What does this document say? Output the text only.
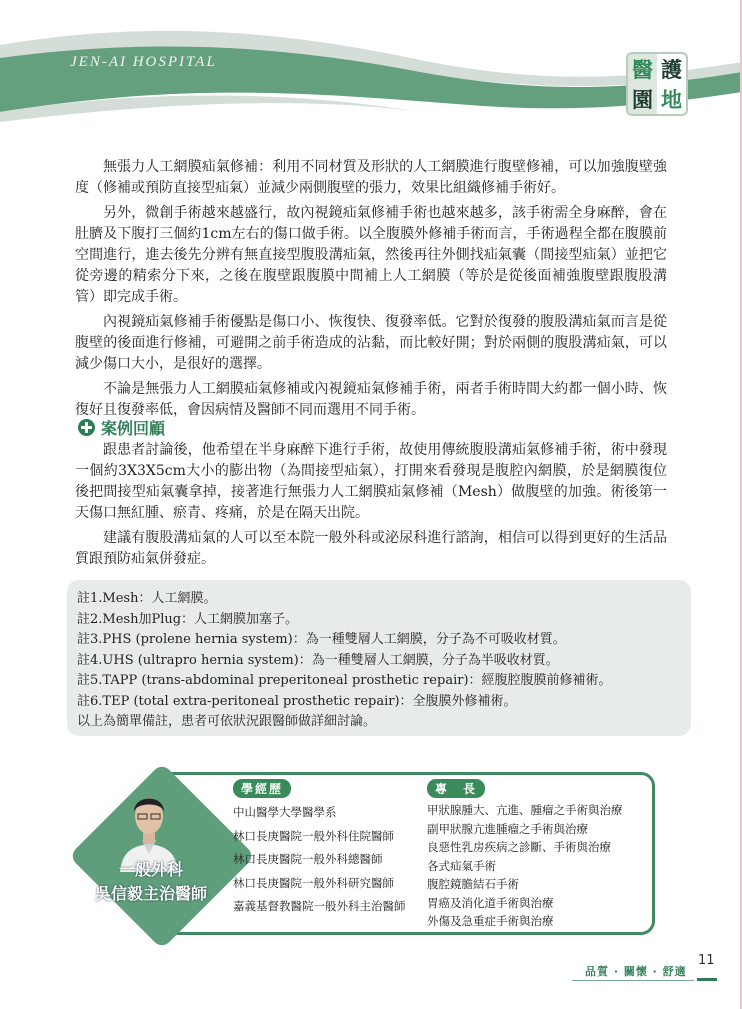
JEN-AI HOSPITAL	醫 護
園 地

無張力人工網膜疝氣修補：利用不同材質及形狀的人工網膜進行腹壁修補，可以加強腹壁強度（修補或預防直接型疝氣）並減少兩側腹壁的張力，效果比組織修補手術好。

另外，微創手術越來越盛行，故內視鏡疝氣修補手術也越來越多，該手術需全身麻醉，會在肚臍及下腹打三個約1cm左右的傷口做手術。以全腹膜外修補手術而言，手術過程全都在腹膜前空間進行，進去後先分辨有無直接型腹股溝疝氣，然後再往外側找疝氣囊（間接型疝氣）並把它從旁邊的精索分下來，之後在腹壁跟腹膜中間補上人工網膜（等於是從後面補強腹壁跟腹股溝管）即完成手術。

內視鏡疝氣修補手術優點是傷口小、恢復快、復發率低。它對於復發的腹股溝疝氣而言是從腹壁的後面進行修補，可避開之前手術造成的沾黏，而比較好開；對於兩側的腹股溝疝氣，可以減少傷口大小，是很好的選擇。

不論是無張力人工網膜疝氣修補或內視鏡疝氣修補手術，兩者手術時間大約都一個小時、恢復好且復發率低，會因病情及醫師不同而選用不同手術。

案例回顧

跟患者討論後，他希望在半身麻醉下進行手術，故使用傳統腹股溝疝氣修補手術，術中發現一個約3X3X5cm大小的膨出物（為間接型疝氣），打開來看發現是腹腔內網膜，於是網膜復位後把間接型疝氣囊拿掉，接著進行無張力人工網膜疝氣修補（Mesh）做腹壁的加強。術後第一天傷口無紅腫、瘀青、疼痛，於是在隔天出院。

建議有腹股溝疝氣的人可以至本院一般外科或泌尿科進行諮詢，相信可以得到更好的生活品質跟預防疝氣併發症。

註1.Mesh：人工網膜。
註2.Mesh加Plug：人工網膜加塞子。
註3.PHS (prolene hernia system)：為一種雙層人工網膜，分子為不可吸收材質。
註4.UHS (ultrapro hernia system)：為一種雙層人工網膜，分子為半吸收材質。
註5.TAPP (trans-abdominal preperitoneal prosthetic repair)：經腹腔腹膜前修補術。
註6.TEP (total extra-peritoneal prosthetic repair)：全腹膜外修補術。
以上為簡單備註，患者可依狀況跟醫師做詳細討論。
一般外科
吳信毅主治醫師
學經歷
中山醫學大學醫學系
林口長庚醫院一般外科住院醫師
林口長庚醫院一般外科總醫師
林口長庚醫院一般外科研究醫師
嘉義基督教醫院一般外科主治醫師
專　長
甲狀腺腫大、亢進、腫瘤之手術與治療
副甲狀腺亢進腫瘤之手術與治療
良惡性乳房疾病之診斷、手術與治療
各式疝氣手術
腹腔鏡膽結石手術
胃癌及消化道手術與治療
外傷及急重症手術與治療
品質 · 關懷 · 舒適
11
